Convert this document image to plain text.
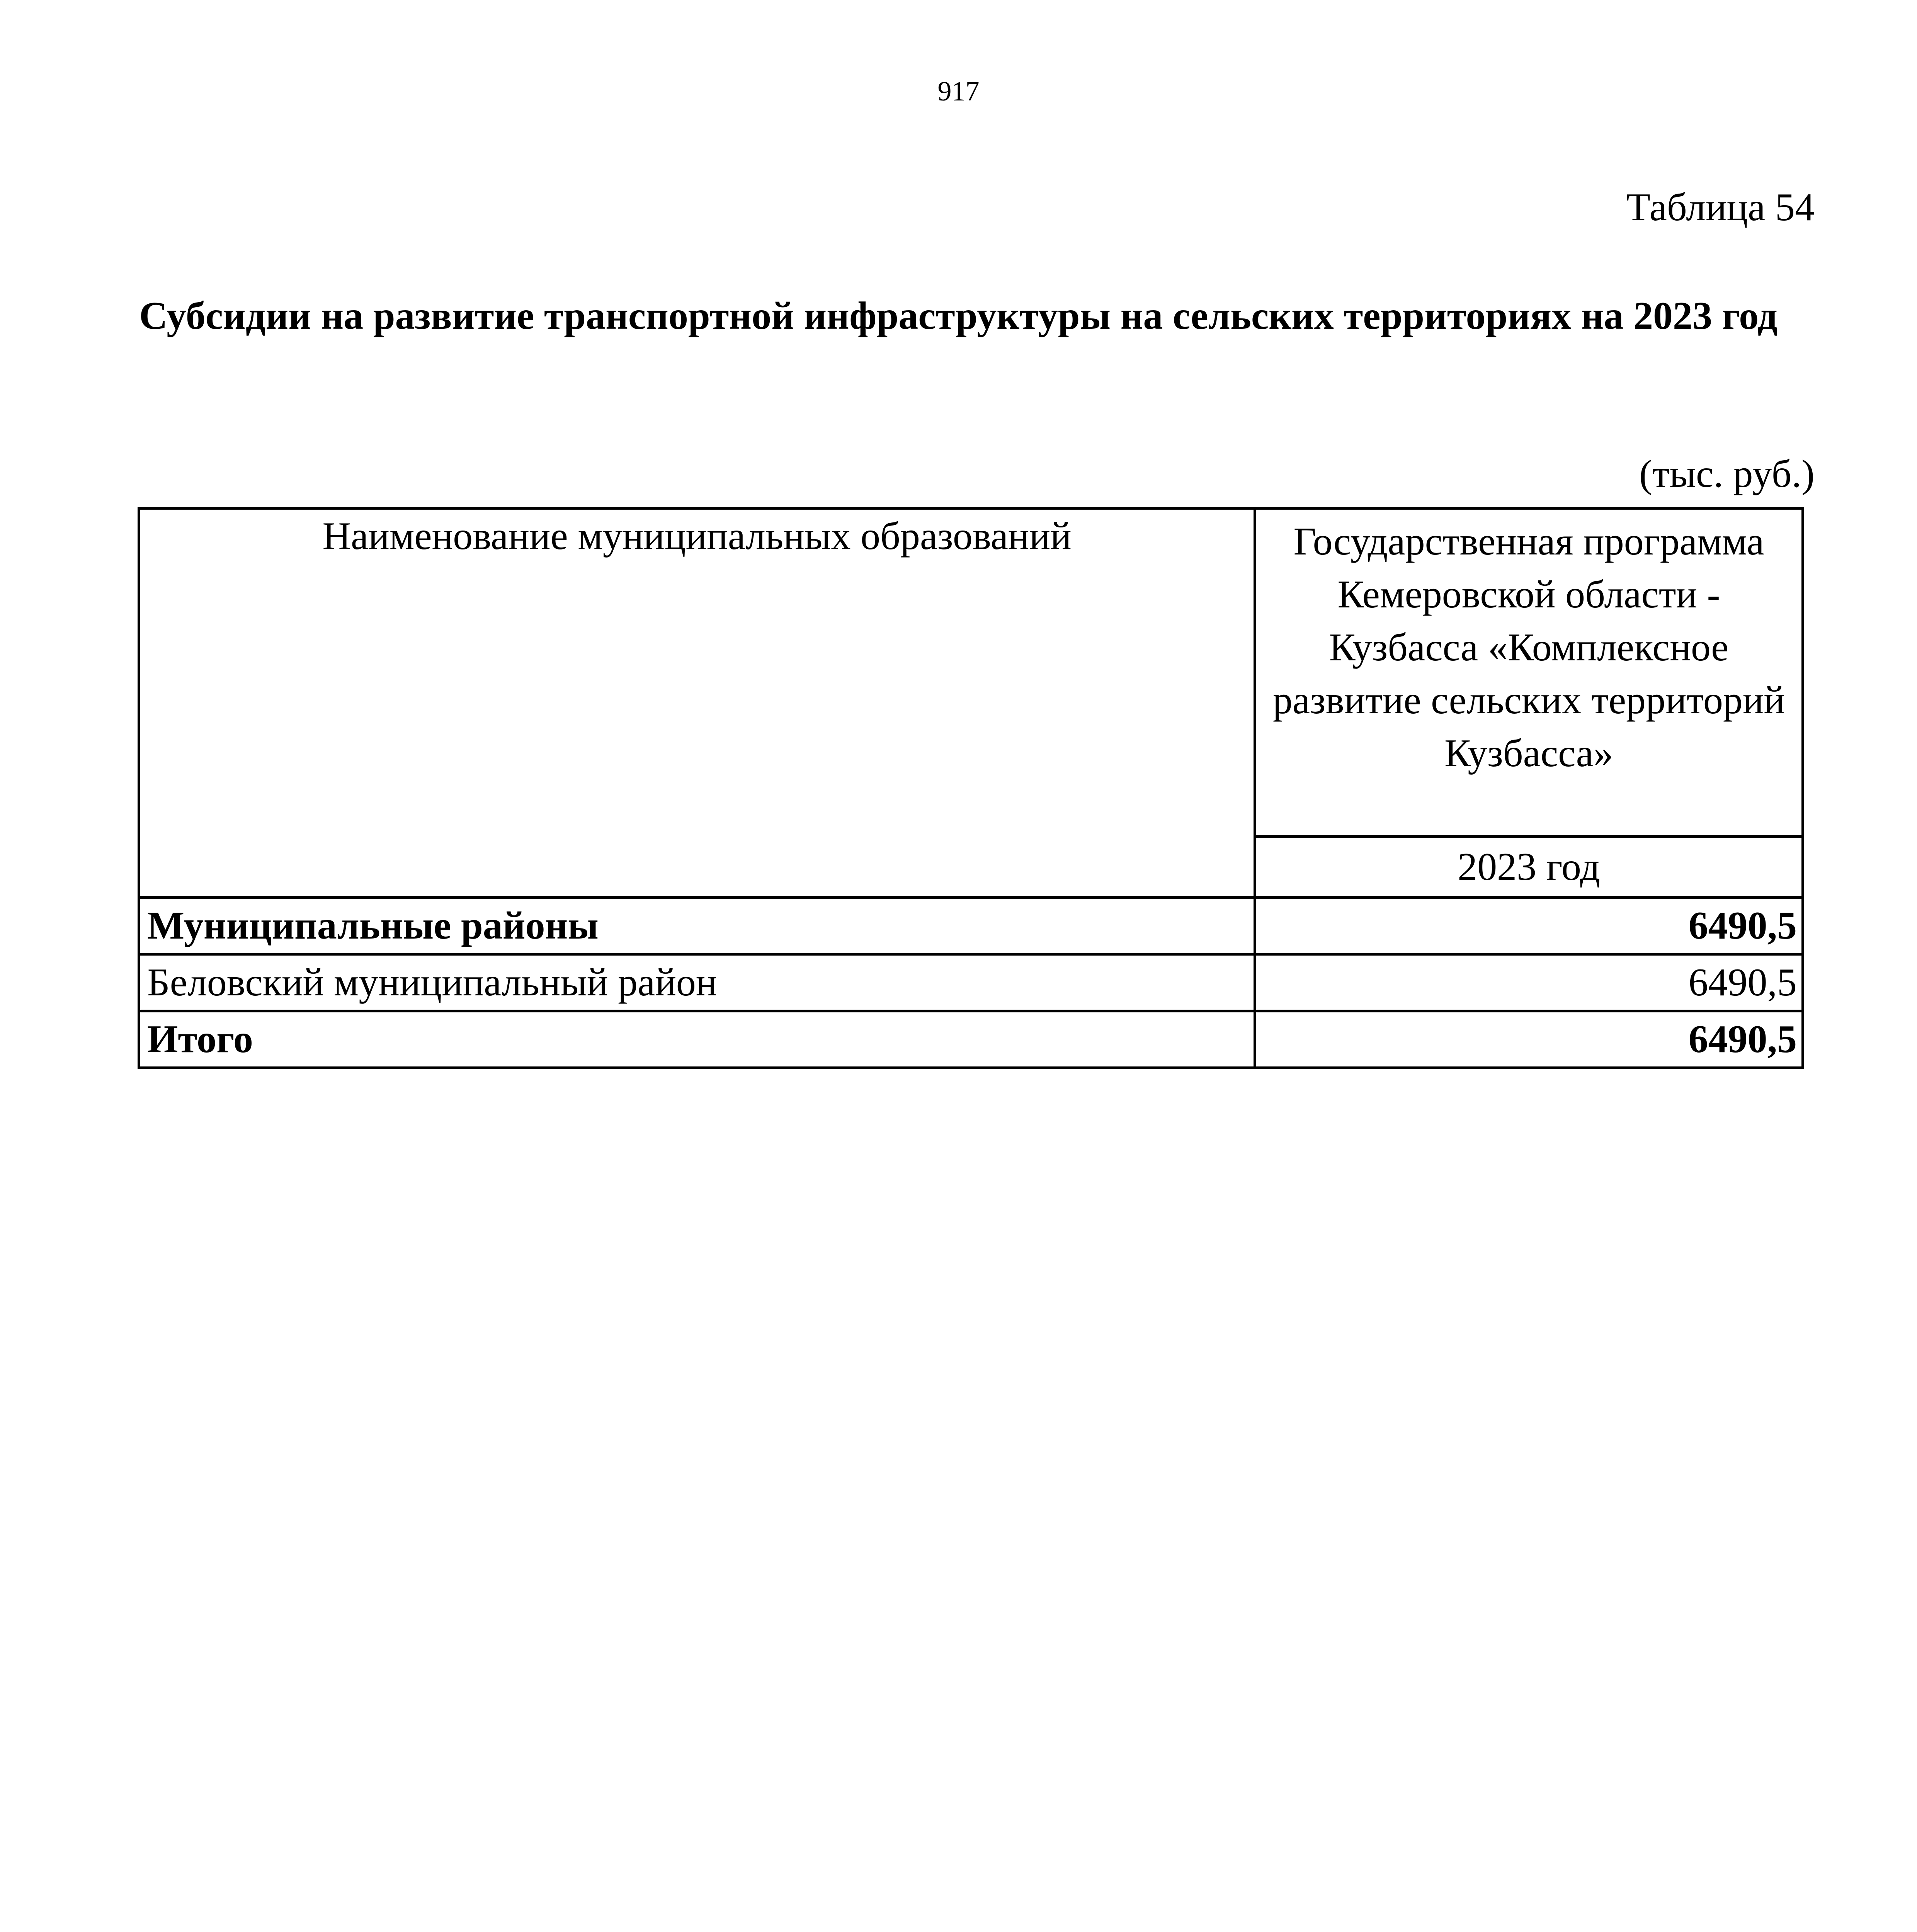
917
Таблица 54
Субсидии на развитие транспортной инфраструктуры на сельских территориях на 2023 год
(тыс. руб.)
Наименование муниципальных образований	Государственная программа Кемеровской области - Кузбасса «Комплексное развитие сельских территорий Кузбасса»
	2023 год
Муниципальные районы	6490,5
Беловский муниципальный район	6490,5
Итого	6490,5
